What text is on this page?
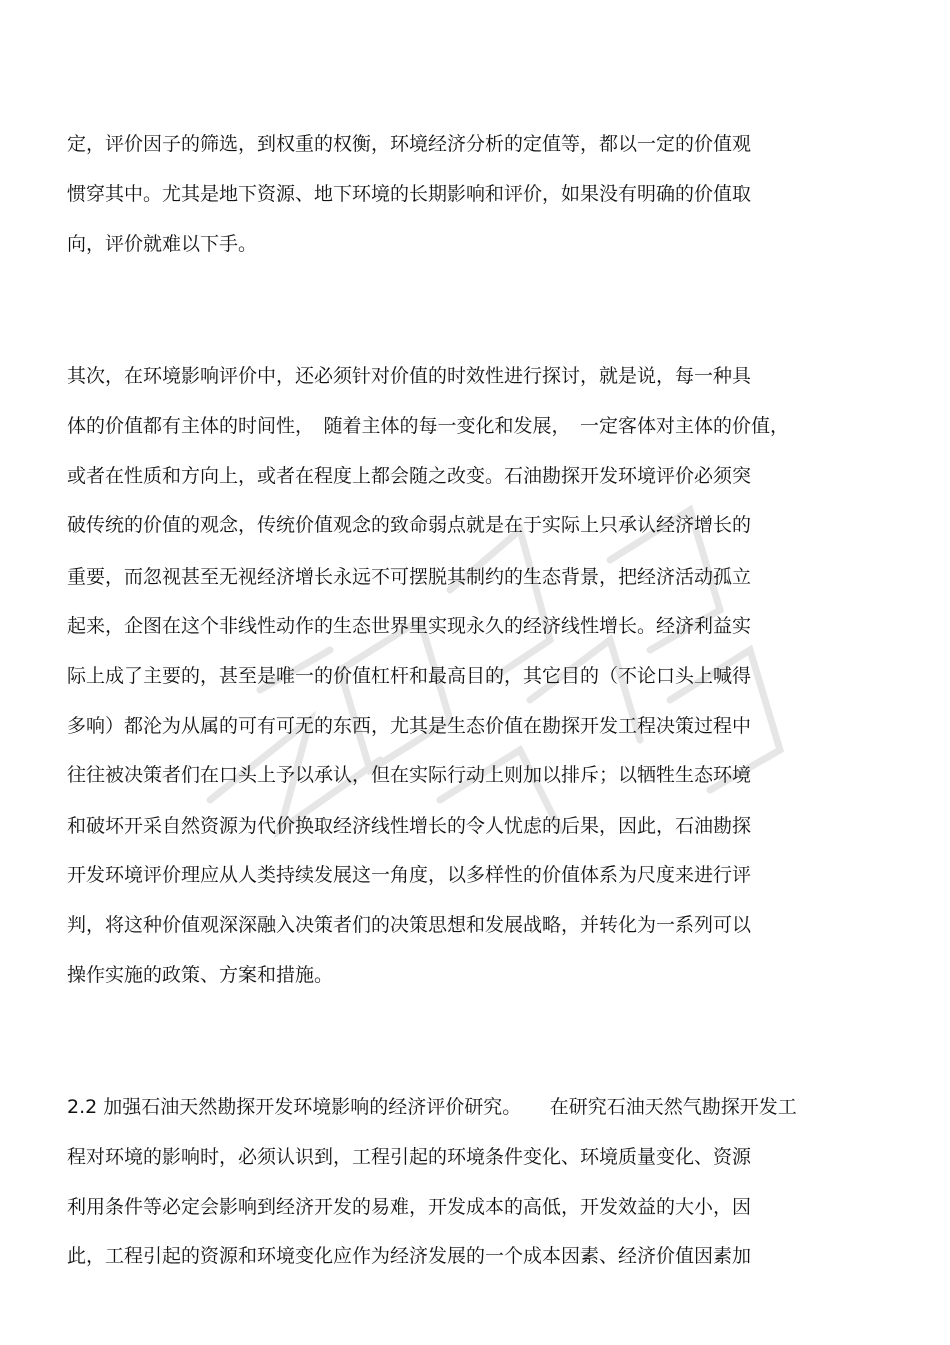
定，评价因子的筛选，到权重的权衡，环境经济分析的定值等，都以一定的价值观
惯穿其中。尤其是地下资源、地下环境的长期影响和评价，如果没有明确的价值取
向，评价就难以下手。
其次，在环境影响评价中，还必须针对价值的时效性进行探讨，就是说，每一种具
体的价值都有主体的时间性，　随着主体的每一变化和发展，　一定客体对主体的价值，
或者在性质和方向上，或者在程度上都会随之改变。石油勘探开发环境评价必须突
破传统的价值的观念，传统价值观念的致命弱点就是在于实际上只承认经济增长的
重要，而忽视甚至无视经济增长永远不可摆脱其制约的生态背景，把经济活动孤立
起来，企图在这个非线性动作的生态世界里实现永久的经济线性增长。经济利益实
际上成了主要的，甚至是唯一的价值杠杆和最高目的，其它目的（不论口头上喊得
多响）都沦为从属的可有可无的东西，尤其是生态价值在勘探开发工程决策过程中
往往被决策者们在口头上予以承认，但在实际行动上则加以排斥；以牺牲生态环境
和破坏开采自然资源为代价换取经济线性增长的令人忧虑的后果，因此，石油勘探
开发环境评价理应从人类持续发展这一角度，以多样性的价值体系为尺度来进行评
判，将这种价值观深深融入决策者们的决策思想和发展战略，并转化为一系列可以
操作实施的政策、方案和措施。
2.2 加强石油天然勘探开发环境影响的经济评价研究。　　在研究石油天然气勘探开发工
程对环境的影响时，必须认识到，工程引起的环境条件变化、环境质量变化、资源
利用条件等必定会影响到经济开发的易难，开发成本的高低，开发效益的大小，因
此，工程引起的资源和环境变化应作为经济发展的一个成本因素、经济价值因素加
